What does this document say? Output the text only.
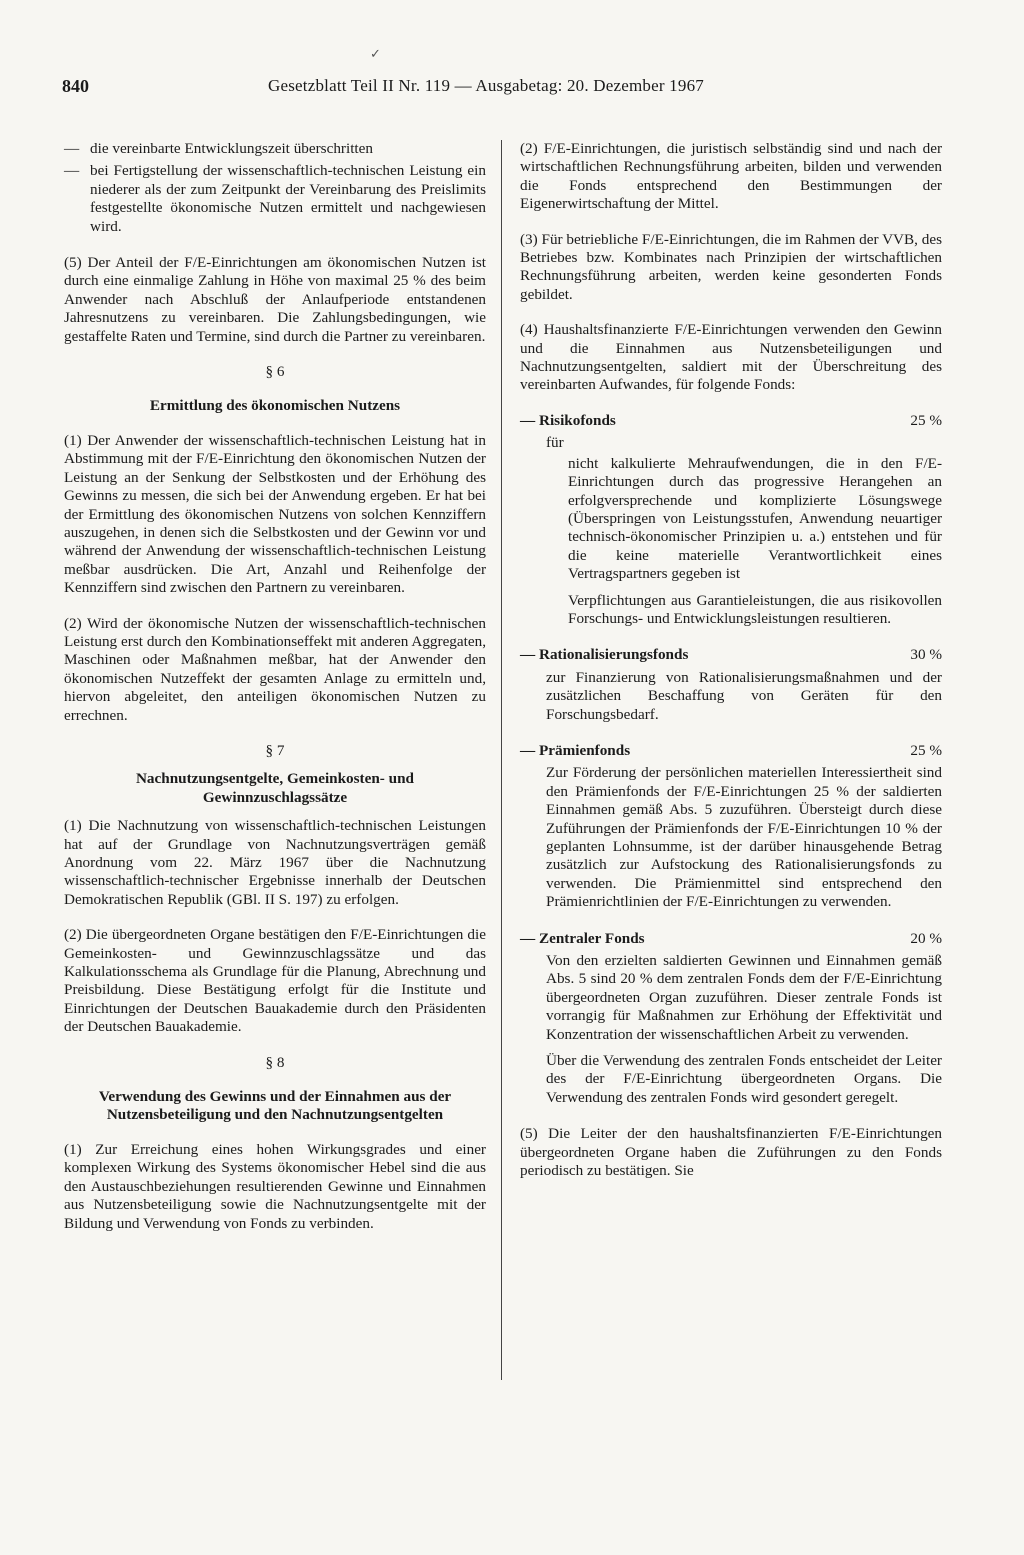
✓
840	Gesetzblatt Teil II Nr. 119 — Ausgabetag: 20. Dezember 1967
— die vereinbarte Entwicklungszeit überschritten

— bei Fertigstellung der wissenschaftlich-technischen Leistung ein niederer als der zum Zeitpunkt der Vereinbarung des Preislimits festgestellte ökonomische Nutzen ermittelt und nachgewiesen wird.

(5) Der Anteil der F/E-Einrichtungen am ökonomischen Nutzen ist durch eine einmalige Zahlung in Höhe von maximal 25 % des beim Anwender nach Abschluß der Anlaufperiode entstandenen Jahresnutzens zu vereinbaren. Die Zahlungsbedingungen, wie gestaffelte Raten und Termine, sind durch die Partner zu vereinbaren.

§ 6
Ermittlung des ökonomischen Nutzens

(1) Der Anwender der wissenschaftlich-technischen Leistung hat in Abstimmung mit der F/E-Einrichtung den ökonomischen Nutzen der Leistung an der Senkung der Selbstkosten und der Erhöhung des Gewinns zu messen, die sich bei der Anwendung ergeben. Er hat bei der Ermittlung des ökonomischen Nutzens von solchen Kennziffern auszugehen, in denen sich die Selbstkosten und der Gewinn vor und während der Anwendung der wissenschaftlich-technischen Leistung meßbar ausdrücken. Die Art, Anzahl und Reihenfolge der Kennziffern sind zwischen den Partnern zu vereinbaren.

(2) Wird der ökonomische Nutzen der wissenschaftlich-technischen Leistung erst durch den Kombinationseffekt mit anderen Aggregaten, Maschinen oder Maßnahmen meßbar, hat der Anwender den ökonomischen Nutzeffekt der gesamten Anlage zu ermitteln und, hiervon abgeleitet, den anteiligen ökonomischen Nutzen zu errechnen.

§ 7
Nachnutzungsentgelte, Gemeinkosten- und Gewinnzuschlagssätze

(1) Die Nachnutzung von wissenschaftlich-technischen Leistungen hat auf der Grundlage von Nachnutzungsverträgen gemäß Anordnung vom 22. März 1967 über die Nachnutzung wissenschaftlich-technischer Ergebnisse innerhalb der Deutschen Demokratischen Republik (GBl. II S. 197) zu erfolgen.

(2) Die übergeordneten Organe bestätigen den F/E-Einrichtungen die Gemeinkosten- und Gewinnzuschlagssätze und das Kalkulationsschema als Grundlage für die Planung, Abrechnung und Preisbildung. Diese Bestätigung erfolgt für die Institute und Einrichtungen der Deutschen Bauakademie durch den Präsidenten der Deutschen Bauakademie.

§ 8
Verwendung des Gewinns und der Einnahmen aus der Nutzensbeteiligung und den Nachnutzungsentgelten

(1) Zur Erreichung eines hohen Wirkungsgrades und einer komplexen Wirkung des Systems ökonomischer Hebel sind die aus den Austauschbeziehungen resultierenden Gewinne und Einnahmen aus Nutzensbeteiligung sowie die Nachnutzungsentgelte mit der Bildung und Verwendung von Fonds zu verbinden.

(2) F/E-Einrichtungen, die juristisch selbständig sind und nach der wirtschaftlichen Rechnungsführung arbeiten, bilden und verwenden die Fonds entsprechend den Bestimmungen der Eigenerwirtschaftung der Mittel.

(3) Für betriebliche F/E-Einrichtungen, die im Rahmen der VVB, des Betriebes bzw. Kombinates nach Prinzipien der wirtschaftlichen Rechnungsführung arbeiten, werden keine gesonderten Fonds gebildet.

(4) Haushaltsfinanzierte F/E-Einrichtungen verwenden den Gewinn und die Einnahmen aus Nutzensbeteiligungen und Nachnutzungsentgelten, saldiert mit der Überschreitung des vereinbarten Aufwandes, für folgende Fonds:

— Risikofonds	25 %
für

nicht kalkulierte Mehraufwendungen, die in den F/E-Einrichtungen durch das progressive Herangehen an erfolgversprechende und komplizierte Lösungswege (Überspringen von Leistungsstufen, Anwendung neuartiger technisch-ökonomischer Prinzipien u. a.) entstehen und für die keine materielle Verantwortlichkeit eines Vertragspartners gegeben ist

Verpflichtungen aus Garantieleistungen, die aus risikovollen Forschungs- und Entwicklungsleistungen resultieren.

— Rationalisierungsfonds	30 %

zur Finanzierung von Rationalisierungsmaßnahmen und der zusätzlichen Beschaffung von Geräten für den Forschungsbedarf.

— Prämienfonds	25 %

Zur Förderung der persönlichen materiellen Interessiertheit sind den Prämienfonds der F/E-Einrichtungen 25 % der saldierten Einnahmen gemäß Abs. 5 zuzuführen. Übersteigt durch diese Zuführungen der Prämienfonds der F/E-Einrichtungen 10 % der geplanten Lohnsumme, ist der darüber hinausgehende Betrag zusätzlich zur Aufstockung des Rationalisierungsfonds zu verwenden. Die Prämienmittel sind entsprechend den Prämienrichtlinien der F/E-Einrichtungen zu verwenden.

— Zentraler Fonds	20 %

Von den erzielten saldierten Gewinnen und Einnahmen gemäß Abs. 5 sind 20 % dem zentralen Fonds dem der F/E-Einrichtung übergeordneten Organ zuzuführen. Dieser zentrale Fonds ist vorrangig für Maßnahmen zur Erhöhung der Effektivität und Konzentration der wissenschaftlichen Arbeit zu verwenden.

Über die Verwendung des zentralen Fonds entscheidet der Leiter des der F/E-Einrichtung übergeordneten Organs. Die Verwendung des zentralen Fonds wird gesondert geregelt.

(5) Die Leiter der den haushaltsfinanzierten F/E-Einrichtungen übergeordneten Organe haben die Zuführungen zu den Fonds periodisch zu bestätigen. Sie
